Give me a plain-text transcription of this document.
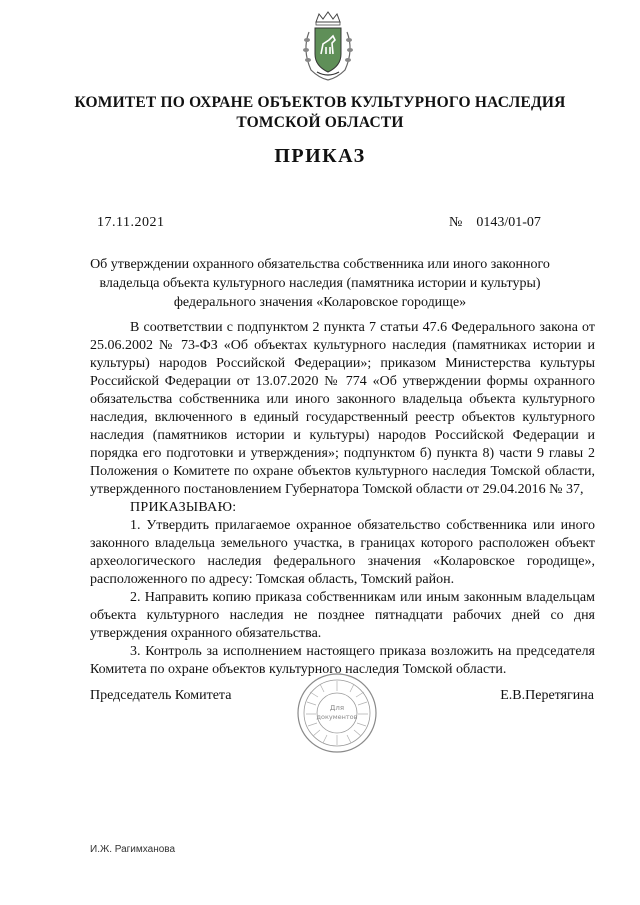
КОМИТЕТ ПО ОХРАНЕ ОБЪЕКТОВ КУЛЬТУРНОГО НАСЛЕДИЯ
ТОМСКОЙ ОБЛАСТИ
ПРИКАЗ
17.11.2021	№ 0143/01-07
Об утверждении охранного обязательства собственника или иного законного владельца объекта культурного наследия (памятника истории и культуры) федерального значения «Коларовское городище»

В соответствии с подпунктом 2 пункта 7 статьи 47.6 Федерального закона от 25.06.2002 № 73-ФЗ «Об объектах культурного наследия (памятниках истории и культуры) народов Российской Федерации»; приказом Министерства культуры Российской Федерации от 13.07.2020 № 774 «Об утверждении формы охранного обязательства собственника или иного законного владельца объекта культурного наследия, включенного в единый государственный реестр объектов культурного наследия (памятников истории и культуры) народов Российской Федерации и порядка его подготовки и утверждения»; подпунктом б) пункта 8) части 9 главы 2 Положения о Комитете по охране объектов культурного наследия Томской области, утвержденного постановлением Губернатора Томской области от 29.04.2016 № 37,

ПРИКАЗЫВАЮ:

1. Утвердить прилагаемое охранное обязательство собственника или иного законного владельца земельного участка, в границах которого расположен объект археологического наследия федерального значения «Коларовское городище», расположенного по адресу: Томская область, Томский район.

2. Направить копию приказа собственникам или иным законным владельцам объекта культурного наследия не позднее пятнадцати рабочих дней со дня утверждения охранного обязательства.

3. Контроль за исполнением настоящего приказа возложить на председателя Комитета по охране объектов культурного наследия Томской области.

Председатель Комитета
Для
документов
Е.В.Перетягина
И.Ж. Рагимханова
